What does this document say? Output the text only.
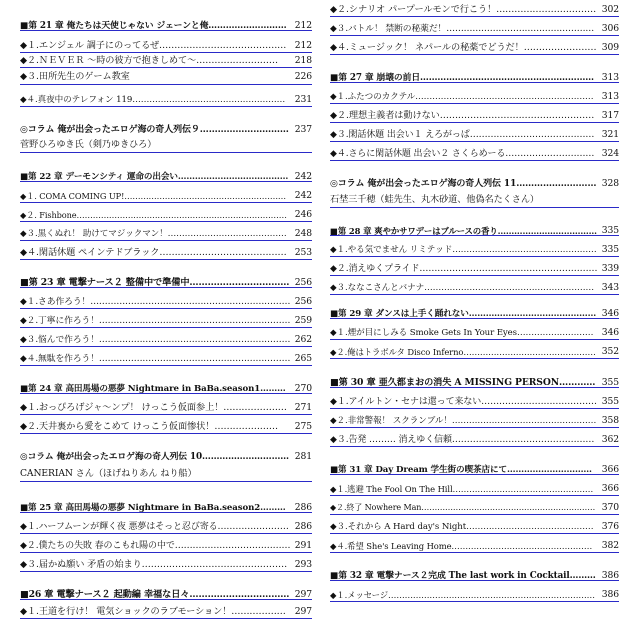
■第 21 章 俺たちは天使じゃない ジェーンと俺……………………… 212
◆１.エンジェル 調子にのってるぜ…………………………………… 212
◆２.ＮＥＶＥＲ ～時の彼方で抱きしめて～……………………… 218
◆３.田所先生のゲーム教室	226
◆４.真夜中のテレフォン 119……………………………………………… 231
◎コラム 俺が出会ったエロゲ海の奇人列伝９………………………… 237
菅野ひろゆき氏（剣乃ゆきひろ）
■第 22 章 デーモンシティ 運命の出会い………………………………… 242
◆１. COMA COMING UP!…………………………………………………… 242
◆２. Fishbone…………………………………………………………………… 246
◆３.黒くぬれ！ 助けてマジックマン！…………………………………… 248
◆４.閑話休題 ペインテドブラック…………………………………… 253
■第 23 章 電撃ナース２ 整備中で準備中…………………………… 256
◆１.さあ作ろう！…………………………………………………………… 256
◆２.丁寧に作ろう！………………………………………………………… 259
◆３.悩んで作ろう！………………………………………………………… 262
◆４.無駄を作ろう！………………………………………………………… 265
■第 24 章 高田馬場の悪夢 Nightmare in BaBa.season1……… 270
◆１.おっぴろげジャ～ンプ！ けっこう仮面参上！………………… 271
◆２.天井裏から愛をこめて けっこう仮面惨状！………………… 275
◎コラム 俺が出会ったエロゲ海の奇人列伝 10………………………… 281
CANERIAN さん（ほげねりあん ねり船）
■第 25 章 高田馬場の悪夢 Nightmare in BaBa.season2……… 286
◆１.ハーフムーンが輝く夜 悪夢はそっと忍び寄る…………………… 286
◆２.僕たちの失敗 春のこもれ陽の中で………………………………… 291
◆３.届かぬ願い 矛盾の始まり………………………………………… 293
■26 章 電撃ナース２ 起動編 幸福な日々…………………………… 297
◆１.王道を行け！ 電気ショックのラブモーション！……………… 297
◆２.シナリオ パープールモンで行こう！…………………………… 302
◆３.バトル！ 禁断の秘薬だ！…………………………………………… 306
◆４.ミュージック！ ネパールの秘薬でどうだ！…………………… 309
■第 27 章 崩壊の前日…………………………………………………… 313
◆１.ふたつのカクテル……………………………………………………… 313
◆２.理想主義者は動けない…………………………………………… 317
◆３.閑話休題 出会い１ えろがっぱ…………………………………… 321
◆４.さらに閑話休題 出会い２ さくらめーる………………………… 324
◎コラム 俺が出会ったエロゲ海の奇人列伝 11……………………… 328
石埜三千穂（蛙先生、丸木砂道、他偽名たくさん）
■第 28 章 爽やかサワデーはブルースの香り……………………………… 335
◆１.やる気でません リミテッド…………………………………………… 335
◆２.消えゆくプライド…………………………………………………… 339
◆３.ななこさんとバナナ…………………………………………………… 343
■第 29 章 ダンスは上手く踊れない……………………………………… 346
◆１.煙が目にしみる Smoke Gets In Your Eyes……………………… 346
◆２.俺はトラボルタ Disco Inferno………………………………………… 352
■第 30 章 亜久都まおの消失 A MISSING PERSON………… 355
◆１.アイルトン・セナは還って来ない………………………………… 355
◆２.非常警報！ スクランブル！…………………………………………… 358
◆３.告発 ……… 消えゆく信頼………………………………………… 362
■第 31 章 Day Dream 学生街の喫茶店にて………………………… 366
◆１.逃避 The Fool On The Hill…………………………………………… 366
◆２.終了 Nowhere Man………………………………………………………… 370
◆３.それから A Hard day's Night……………………………………… 376
◆４.希望 She's Leaving Home…………………………………………… 382
■第 32 章 電撃ナース２完成 The last work in Cocktail……… 386
◆１.メッセージ………………………………………………………………… 386
